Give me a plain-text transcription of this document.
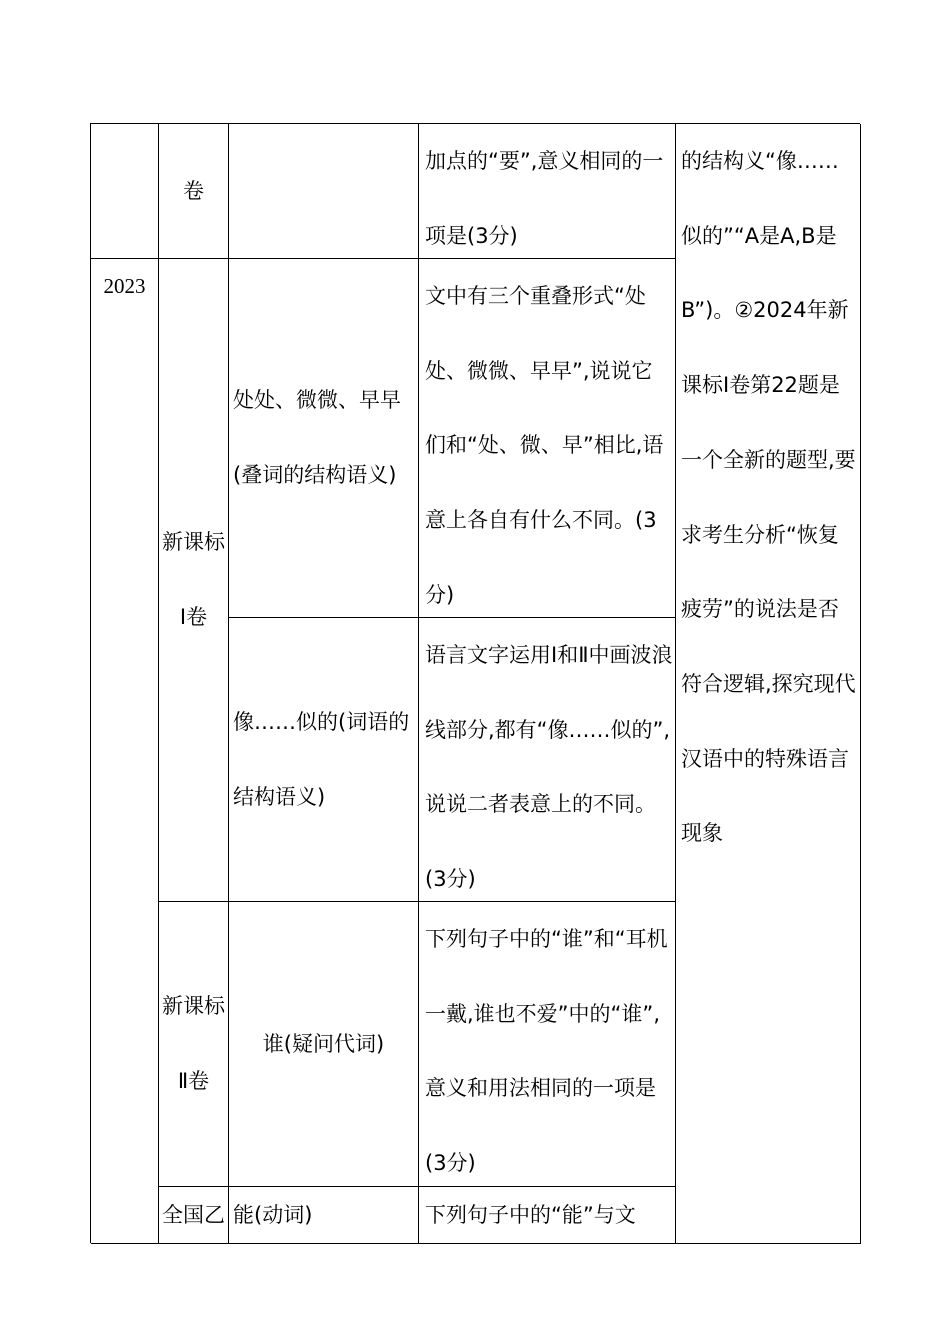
卷
加点的“要”,意义相同的一项是(3分)
2023
新课标Ⅰ卷
处处、微微、早早(叠词的结构语义)
文中有三个重叠形式“处处、微微、早早”,说说它们和“处、微、早”相比,语意上各自有什么不同。(3分)
像……似的(词语的结构语义)
语言文字运用Ⅰ和Ⅱ中画波浪线部分,都有“像……似的”,说说二者表意上的不同。(3分)
新课标Ⅱ卷
谁(疑问代词)
下列句子中的“谁”和“耳机一戴,谁也不爱”中的“谁”,意义和用法相同的一项是(3分)
全国乙 能(动词)	下列句子中的“能”与文
的结构义“像……似的”“A是A,B是B”)。②2024年新课标Ⅰ卷第22题是一个全新的题型,要求考生分析“恢复疲劳”的说法是否符合逻辑,探究现代汉语中的特殊语言现象
